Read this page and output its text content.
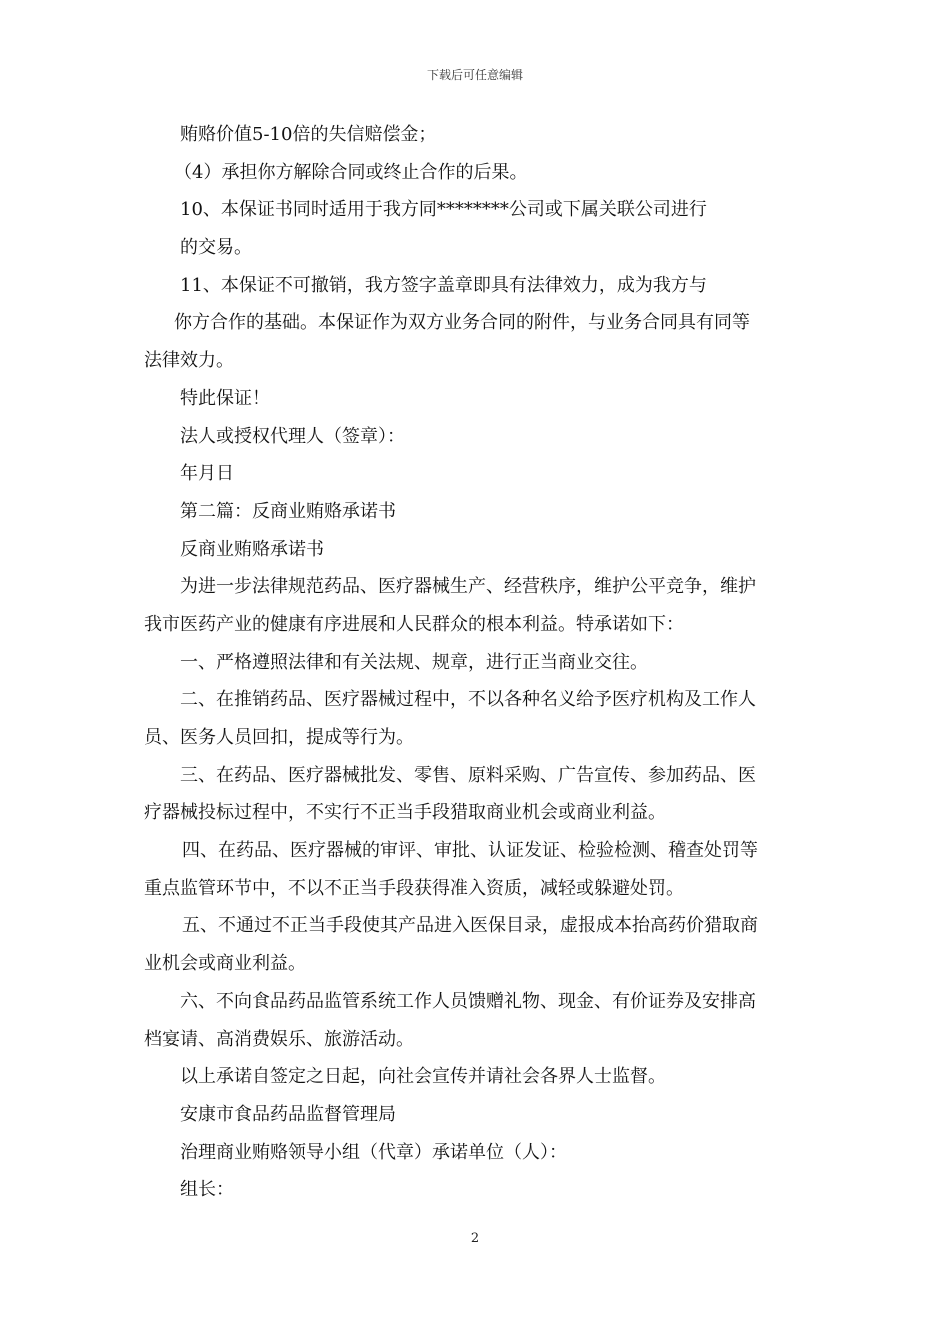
下载后可任意编辑
贿赂价值5-10倍的失信赔偿金；
（4）承担你方解除合同或终止合作的后果。
10、本保证书同时适用于我方同********公司或下属关联公司进行
的交易。
11、本保证不可撤销，我方签字盖章即具有法律效力，成为我方与
你方合作的基础。本保证作为双方业务合同的附件，与业务合同具有同等
法律效力。
特此保证！
法人或授权代理人（签章）：
年月日
第二篇：反商业贿赂承诺书
反商业贿赂承诺书
为进一步法律规范药品、医疗器械生产、经营秩序，维护公平竞争，维护
我市医药产业的健康有序进展和人民群众的根本利益。特承诺如下：
一、严格遵照法律和有关法规、规章，进行正当商业交往。
二、在推销药品、医疗器械过程中，不以各种名义给予医疗机构及工作人
员、医务人员回扣，提成等行为。
三、在药品、医疗器械批发、零售、原料采购、广告宣传、参加药品、医
疗器械投标过程中，不实行不正当手段猎取商业机会或商业利益。
四、在药品、医疗器械的审评、审批、认证发证、检验检测、稽查处罚等
重点监管环节中，不以不正当手段获得准入资质，减轻或躲避处罚。
五、不通过不正当手段使其产品进入医保目录，虚报成本抬高药价猎取商
业机会或商业利益。
六、不向食品药品监管系统工作人员馈赠礼物、现金、有价证券及安排高
档宴请、高消费娱乐、旅游活动。
以上承诺自签定之日起，向社会宣传并请社会各界人士监督。
安康市食品药品监督管理局
治理商业贿赂领导小组（代章）承诺单位（人）：
组长：
2
